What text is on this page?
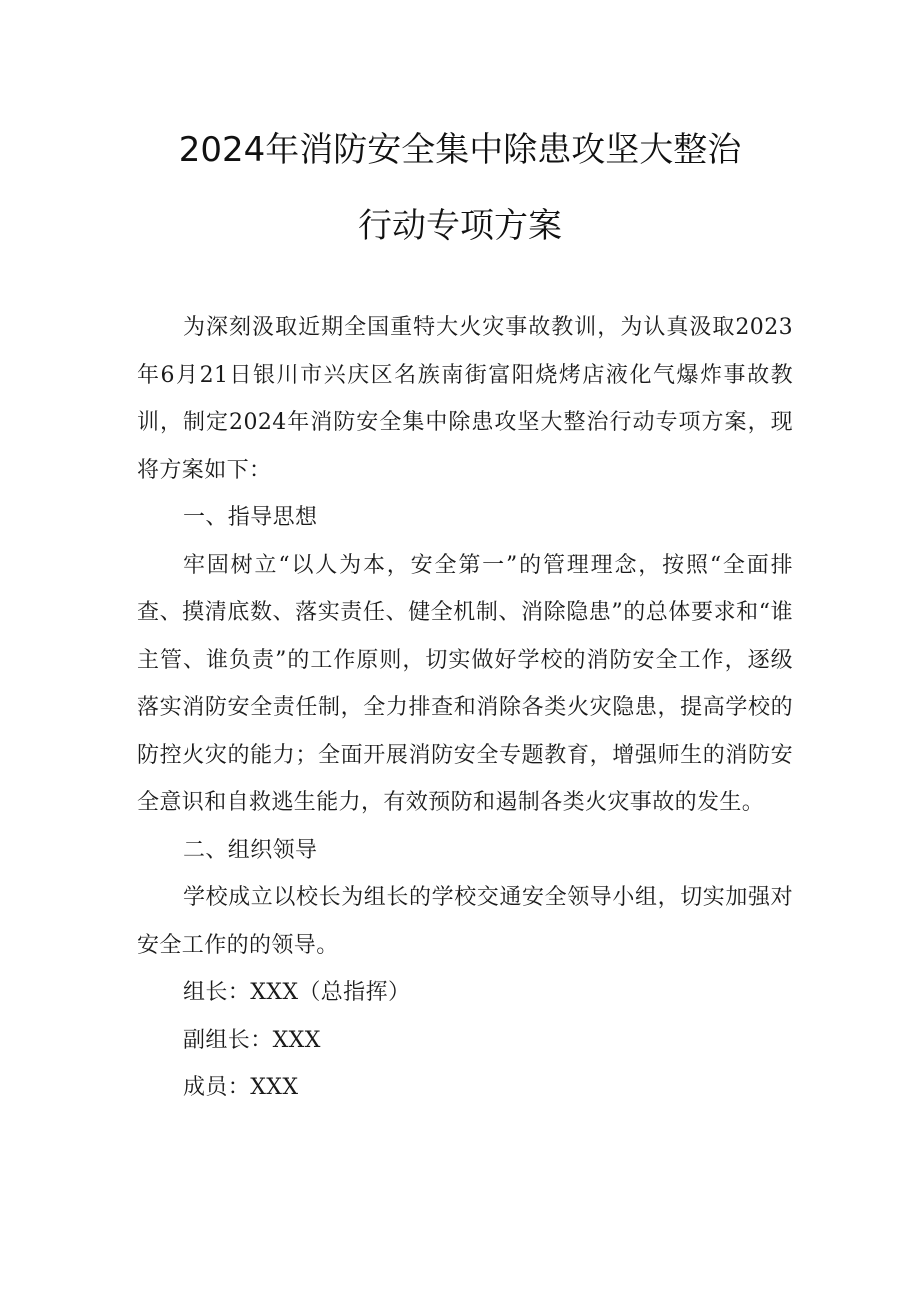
2024年消防安全集中除患攻坚大整治
行动专项方案

为深刻汲取近期全国重特大火灾事故教训，为认真汲取2023年6月21日银川市兴庆区名族南街富阳烧烤店液化气爆炸事故教训，制定2024年消防安全集中除患攻坚大整治行动专项方案，现将方案如下：

一、指导思想

牢固树立“以人为本，安全第一”的管理理念，按照“全面排查、摸清底数、落实责任、健全机制、消除隐患”的总体要求和“谁主管、谁负责”的工作原则，切实做好学校的消防安全工作，逐级落实消防安全责任制，全力排查和消除各类火灾隐患，提高学校的防控火灾的能力；全面开展消防安全专题教育，增强师生的消防安全意识和自救逃生能力，有效预防和遏制各类火灾事故的发生。

二、组织领导

学校成立以校长为组长的学校交通安全领导小组，切实加强对安全工作的的领导。

组长：XXX（总指挥）

副组长：XXX

成员：XXX
